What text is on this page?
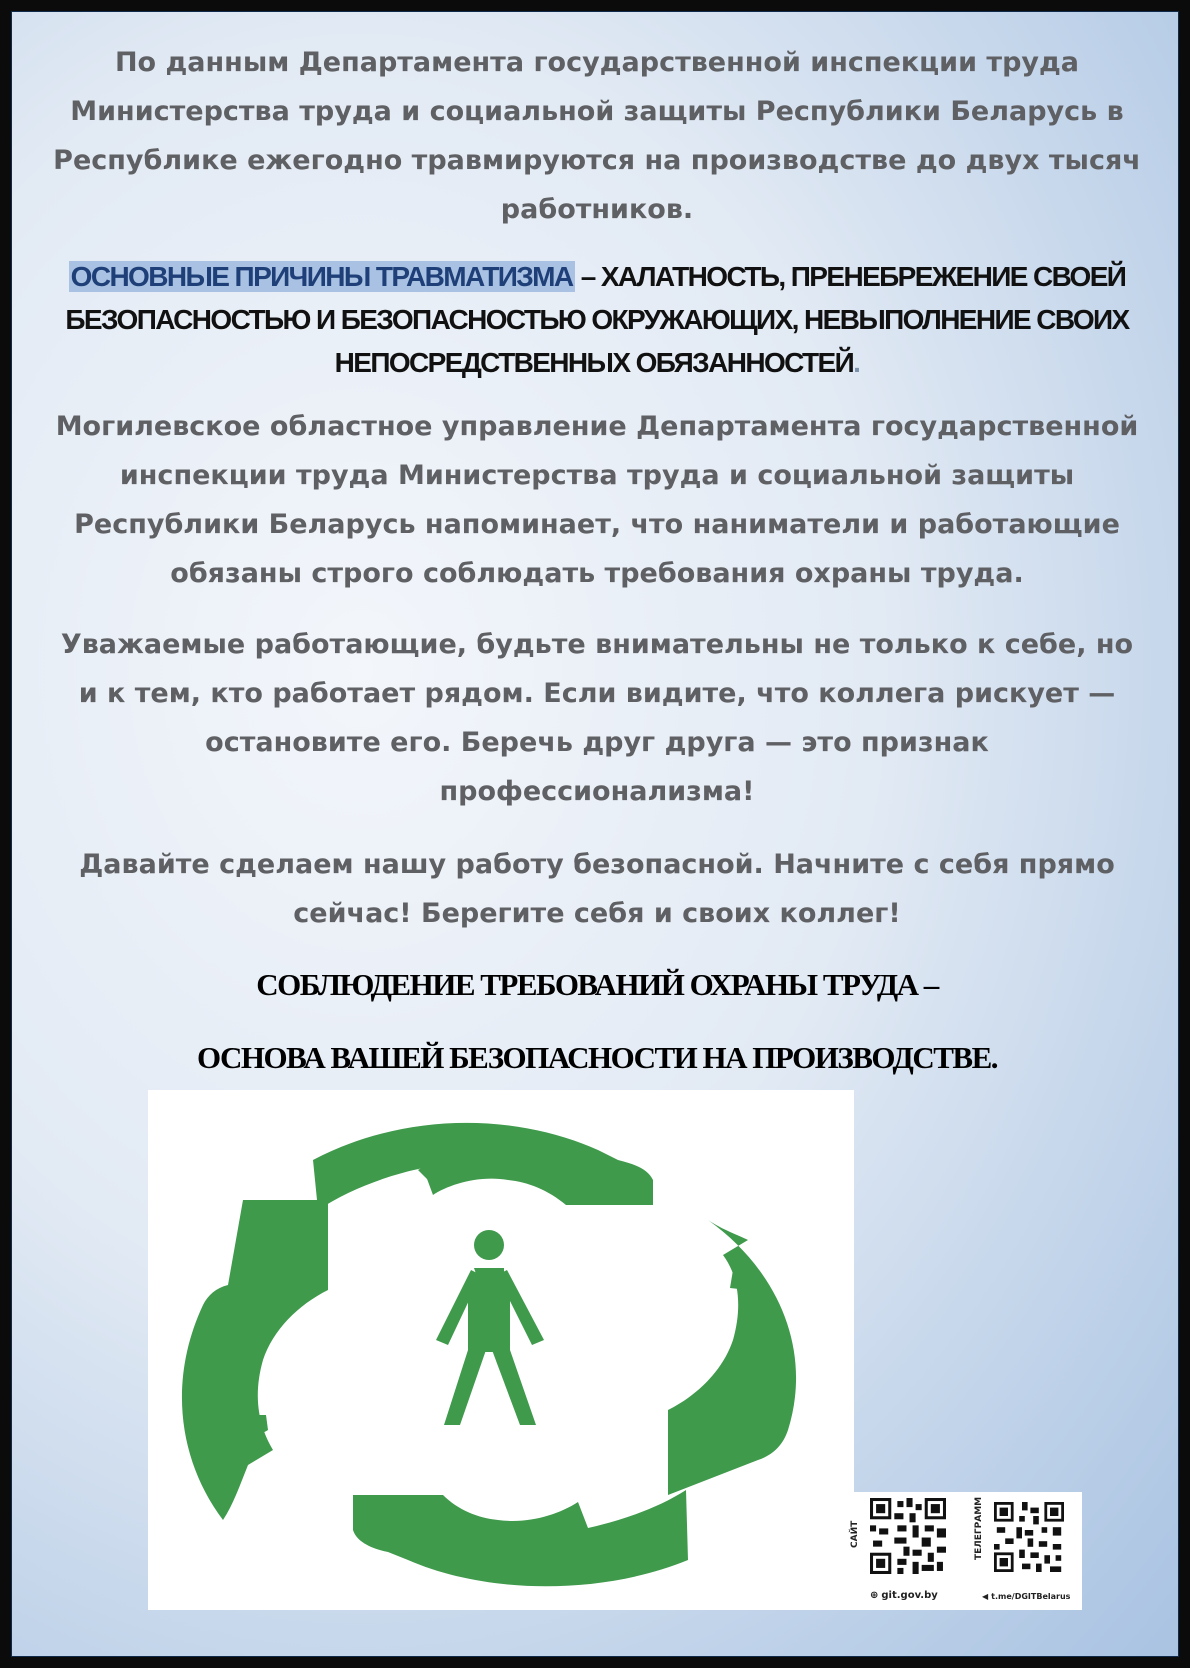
По данным Департамента государственной инспекции труда Министерства труда и социальной защиты Республики Беларусь в Республике ежегодно травмируются на производстве до двух тысяч работников.

ОСНОВНЫЕ ПРИЧИНЫ ТРАВМАТИЗМА – ХАЛАТНОСТЬ, ПРЕНЕБРЕЖЕНИЕ СВОЕЙ БЕЗОПАСНОСТЬЮ И БЕЗОПАСНОСТЬЮ ОКРУЖАЮЩИХ, НЕВЫПОЛНЕНИЕ СВОИХ НЕПОСРЕДСТВЕННЫХ ОБЯЗАННОСТЕЙ.

Могилевское областное управление Департамента государственной инспекции труда Министерства труда и социальной защиты Республики Беларусь напоминает, что наниматели и работающие обязаны строго соблюдать требования охраны труда.

Уважаемые работающие, будьте внимательны не только к себе, но и к тем, кто работает рядом. Если видите, что коллега рискует — остановите его. Беречь друг друга — это признак профессионализма!

Давайте сделаем нашу работу безопасной. Начните с себя прямо сейчас! Берегите себя и своих коллег!

СОБЛЮДЕНИЕ ТРЕБОВАНИЙ ОХРАНЫ ТРУДА –

ОСНОВА ВАШЕЙ БЕЗОПАСНОСТИ НА ПРОИЗВОДСТВЕ.

САЙТ
⊕ git.gov.by
ТЕЛЕГРАММ
◀ t.me/DGITBelarus
